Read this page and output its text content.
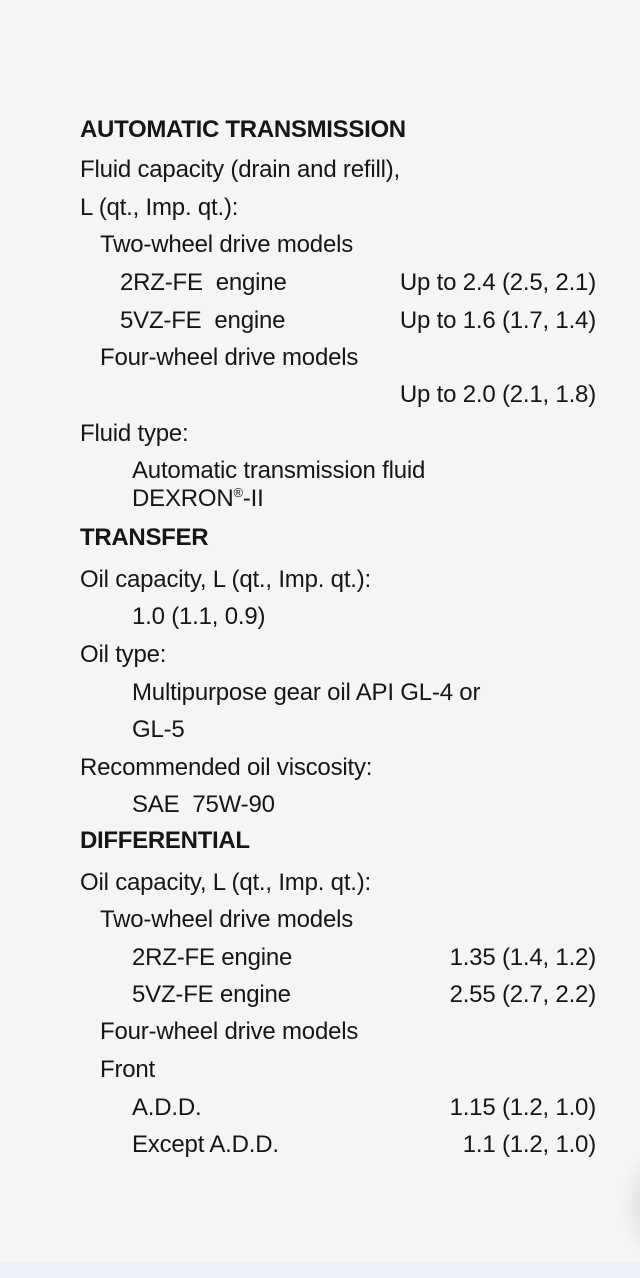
AUTOMATIC TRANSMISSION
Fluid capacity (drain and refill),
L (qt., Imp. qt.):
Two-wheel drive models
2RZ-FE  engine	Up to 2.4 (2.5, 2.1)
5VZ-FE  engine	Up to 1.6 (1.7, 1.4)
Four-wheel drive models
Up to 2.0 (2.1, 1.8)
Fluid type:
Automatic transmission fluid
DEXRON®-II
TRANSFER
Oil capacity, L (qt., Imp. qt.):
1.0 (1.1, 0.9)
Oil type:
Multipurpose gear oil API GL-4 or
GL-5
Recommended oil viscosity:
SAE  75W-90
DIFFERENTIAL
Oil capacity, L (qt., Imp. qt.):
Two-wheel drive models
2RZ-FE engine	1.35 (1.4, 1.2)
5VZ-FE engine	2.55 (2.7, 2.2)
Four-wheel drive models
Front
A.D.D.	1.15 (1.2, 1.0)
Except A.D.D.	1.1 (1.2, 1.0)
